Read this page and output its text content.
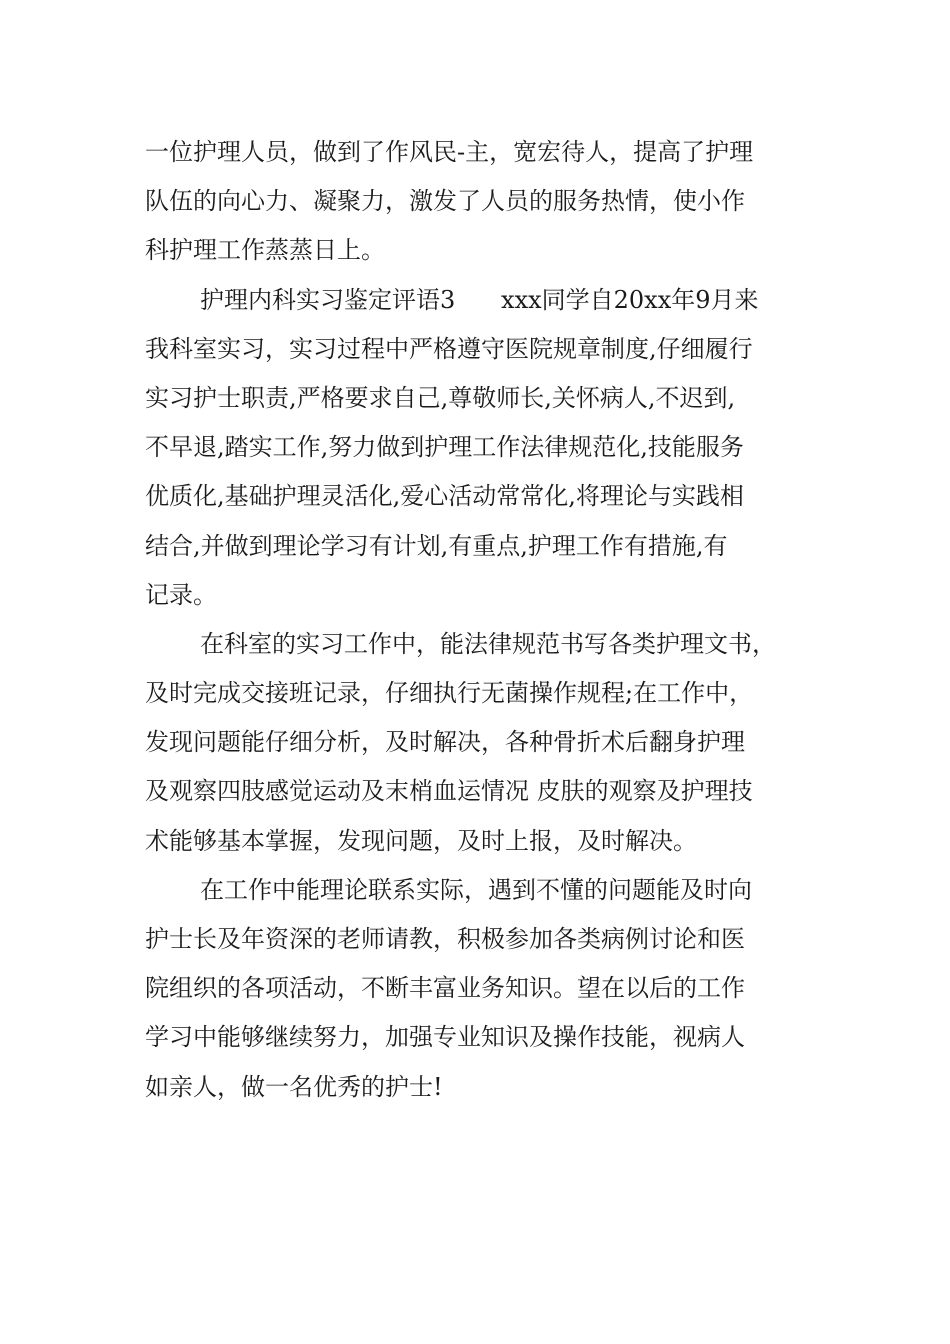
一位护理人员，做到了作风民-主，宽宏待人，提高了护理
队伍的向心力、凝聚力，激发了人员的服务热情，使小作
科护理工作蒸蒸日上。
护理内科实习鉴定评语3      xxx同学自20xx年9月来
我科室实习，实习过程中严格遵守医院规章制度,仔细履行
实习护士职责,严格要求自己,尊敬师长,关怀病人,不迟到,
不早退,踏实工作,努力做到护理工作法律规范化,技能服务
优质化,基础护理灵活化,爱心活动常常化,将理论与实践相
结合,并做到理论学习有计划,有重点,护理工作有措施,有
记录。
在科室的实习工作中，能法律规范书写各类护理文书，
及时完成交接班记录，仔细执行无菌操作规程;在工作中，
发现问题能仔细分析，及时解决，各种骨折术后翻身护理
及观察四肢感觉运动及末梢血运情况 皮肤的观察及护理技
术能够基本掌握，发现问题，及时上报，及时解决。
在工作中能理论联系实际，遇到不懂的问题能及时向
护士长及年资深的老师请教，积极参加各类病例讨论和医
院组织的各项活动，不断丰富业务知识。望在以后的工作
学习中能够继续努力，加强专业知识及操作技能，视病人
如亲人，做一名优秀的护士!
